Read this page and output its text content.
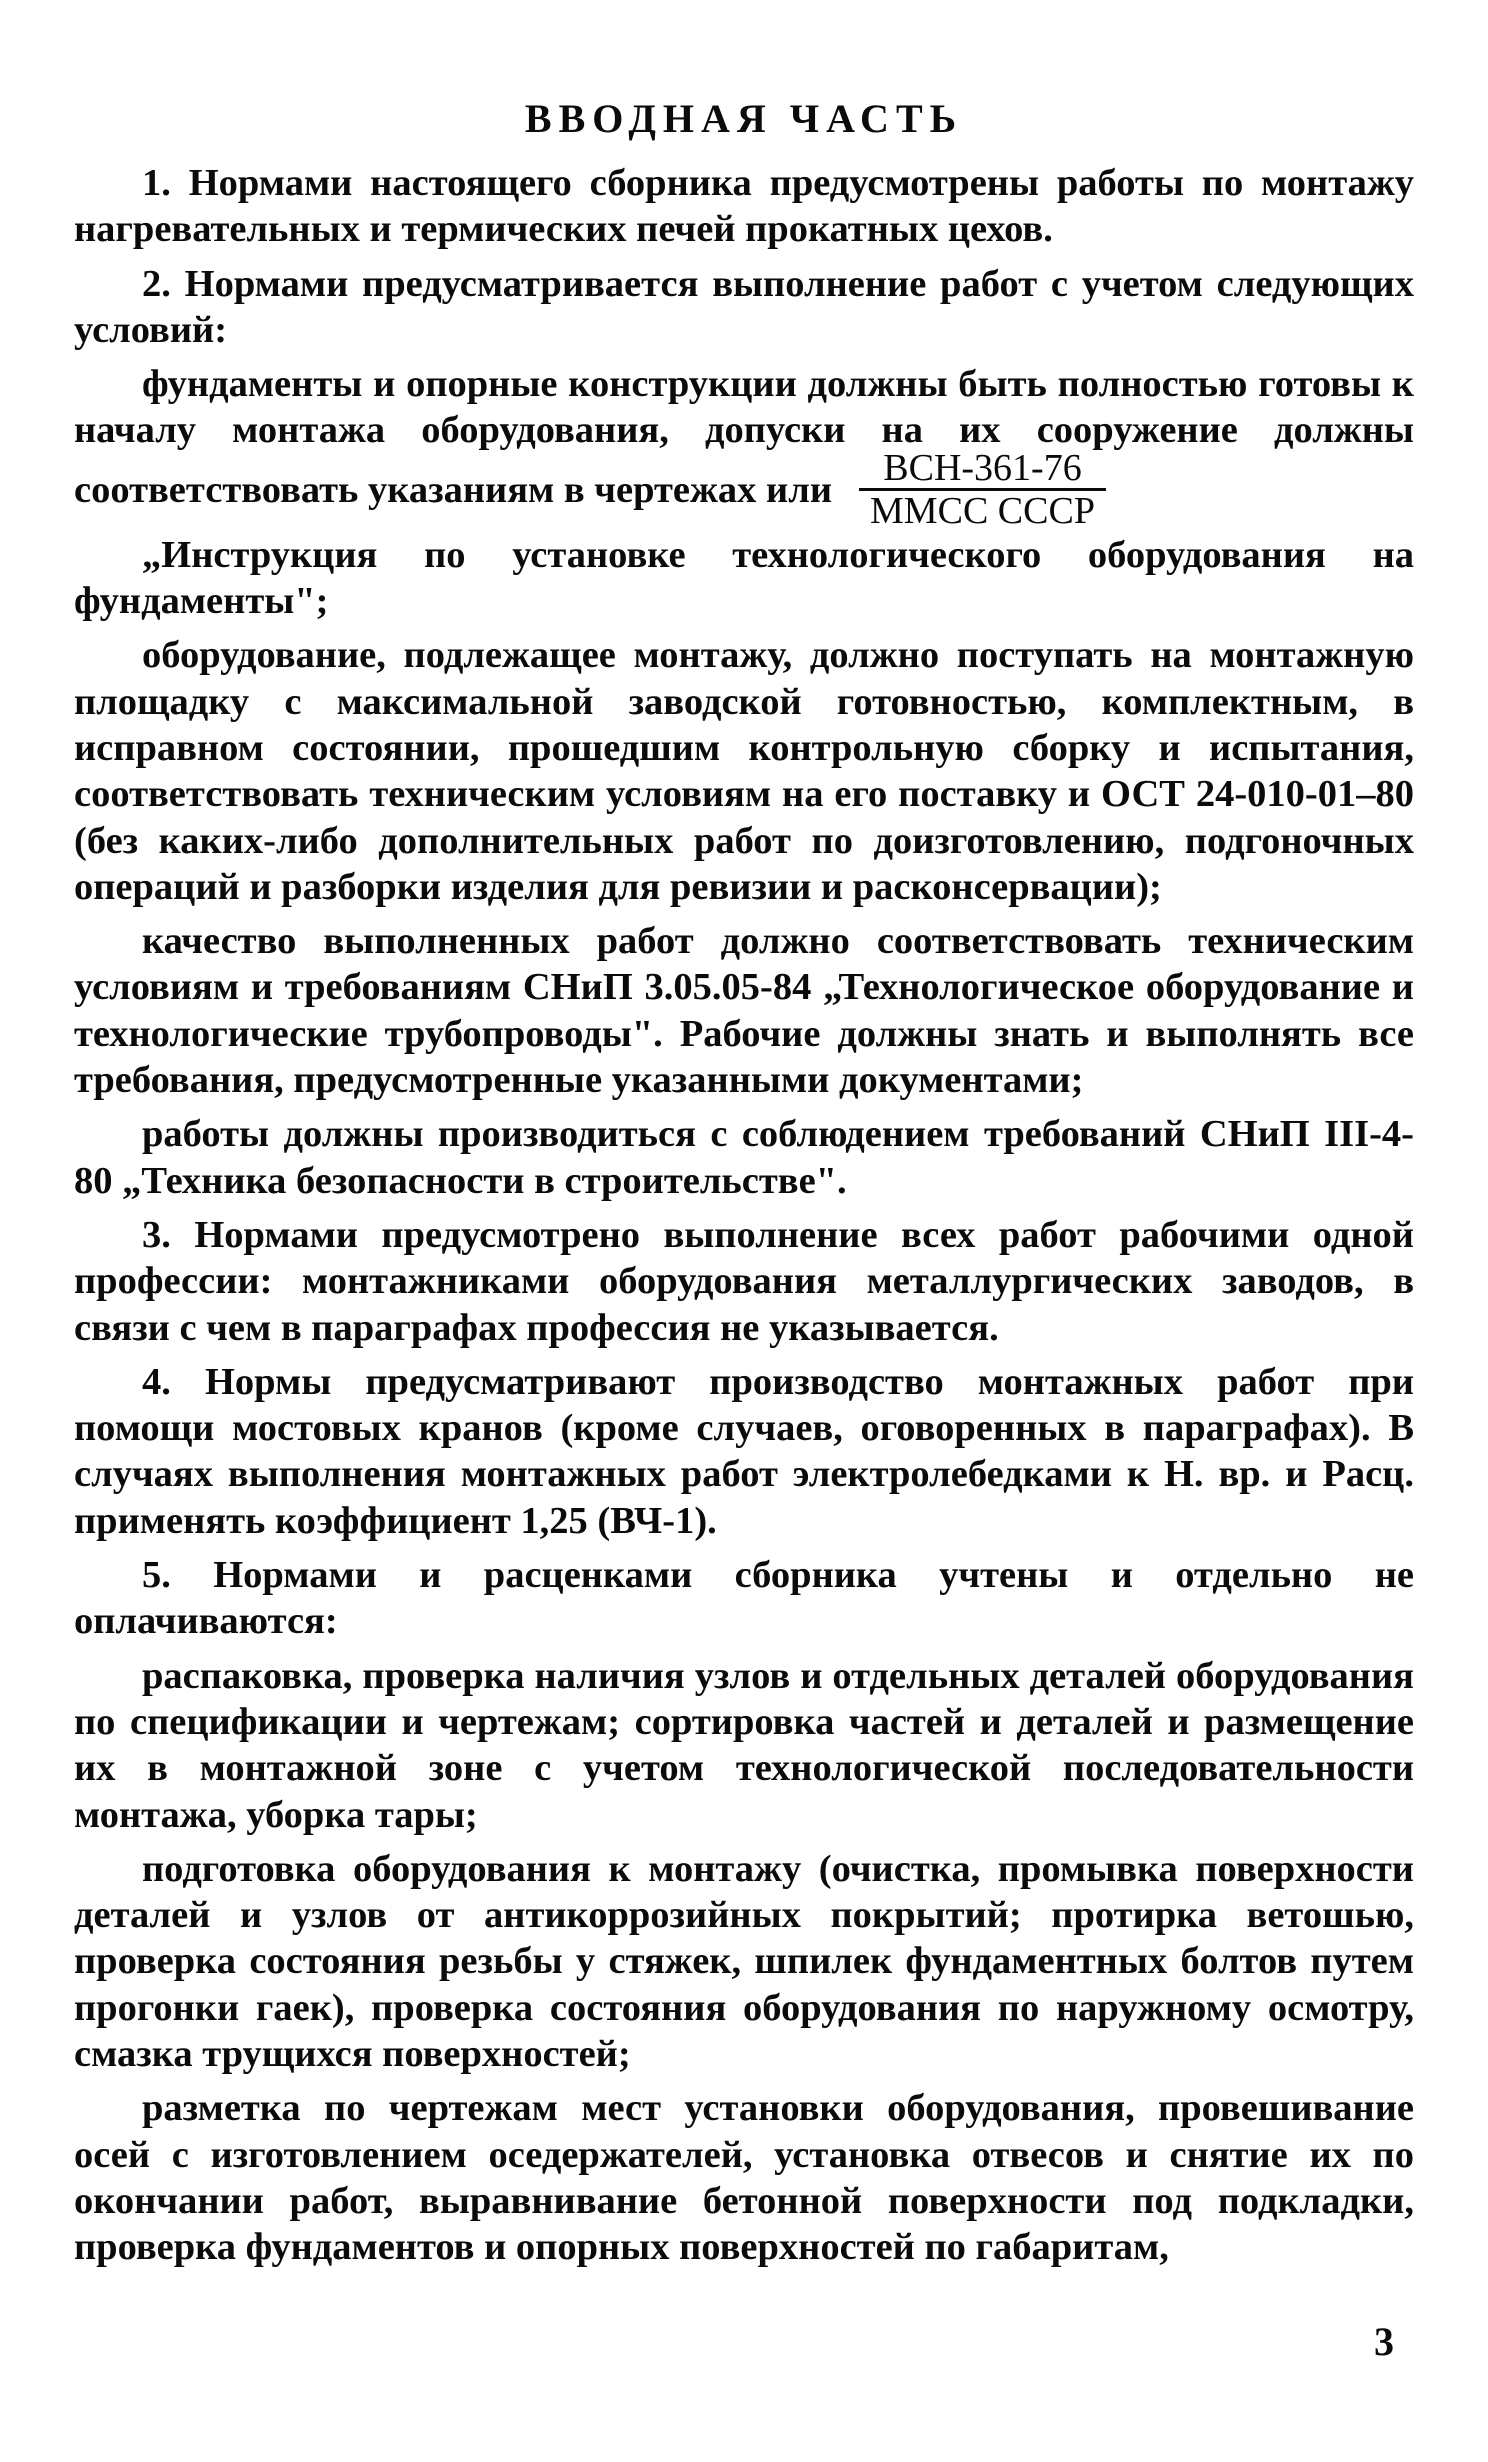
ВВОДНАЯ ЧАСТЬ

1. Нормами настоящего сборника предусмотрены работы по монтажу нагревательных и термических печей прокатных цехов.

2. Нормами предусматривается выполнение работ с учетом следующих условий:

фундаменты и опорные конструкции должны быть полностью готовы к началу монтажа оборудования, допуски на их сооружение должны

соответствовать указаниям в чертежах или $\frac{\text{ВСН-361-76}}{\text{ММСС СССР}}$

„Инструкция по установке технологического оборудования на фундаменты";

оборудование, подлежащее монтажу, должно поступать на монтажную площадку с максимальной заводской готовностью, комплектным, в исправном состоянии, прошедшим контрольную сборку и испытания, соответствовать техническим условиям на его поставку и ОСТ 24-010-01–80 (без каких-либо дополнительных работ по доизготовлению, подгоночных операций и разборки изделия для ревизии и расконсервации);

качество выполненных работ должно соответствовать техническим условиям и требованиям СНиП 3.05.05-84 „Технологическое оборудование и технологические трубопроводы". Рабочие должны знать и выполнять все требования, предусмотренные указанными документами;

работы должны производиться с соблюдением требований СНиП III-4-80 „Техника безопасности в строительстве".

3. Нормами предусмотрено выполнение всех работ рабочими одной профессии: монтажниками оборудования металлургических заводов, в связи с чем в параграфах профессия не указывается.

4. Нормы предусматривают производство монтажных работ при помощи мостовых кранов (кроме случаев, оговоренных в параграфах). В случаях выполнения монтажных работ электролебедками к Н. вр. и Расц. применять коэффициент 1,25 (ВЧ-1).

5. Нормами и расценками сборника учтены и отдельно не оплачиваются:

распаковка, проверка наличия узлов и отдельных деталей оборудования по спецификации и чертежам; сортировка частей и деталей и размещение их в монтажной зоне с учетом технологической последовательности монтажа, уборка тары;

подготовка оборудования к монтажу (очистка, промывка поверхности деталей и узлов от антикоррозийных покрытий; протирка ветошью, проверка состояния резьбы у стяжек, шпилек фундаментных болтов путем прогонки гаек), проверка состояния оборудования по наружному осмотру, смазка трущихся поверхностей;

разметка по чертежам мест установки оборудования, провешивание осей с изготовлением оседержателей, установка отвесов и снятие их по окончании работ, выравнивание бетонной поверхности под подкладки, проверка фундаментов и опорных поверхностей по габаритам,

3
